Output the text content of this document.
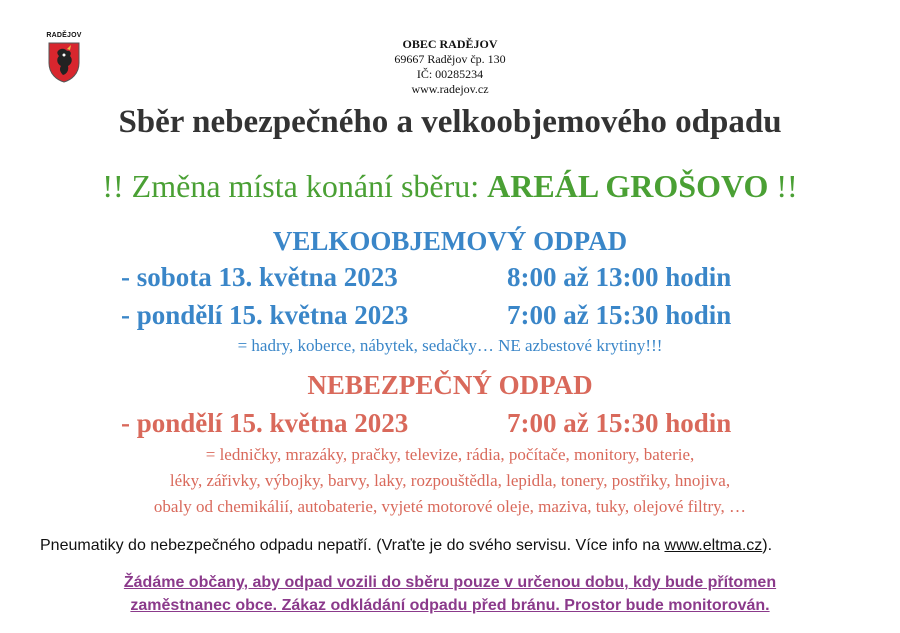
RADĚJOV
OBEC RADĚJOV
69667 Radějov čp. 130
IČ: 00285234
www.radejov.cz
Sběr nebezpečného a velkoobjemového odpadu
!! Změna místa konání sběru: AREÁL GROŠOVO !!
VELKOOBJEMOVÝ ODPAD
- sobota 13. května 2023	8:00 až 13:00 hodin
- pondělí 15. května 2023	7:00 až 15:30 hodin
= hadry, koberce, nábytek, sedačky… NE azbestové krytiny!!!
NEBEZPEČNÝ ODPAD
- pondělí 15. května 2023	7:00 až 15:30 hodin
= ledničky, mrazáky, pračky, televize, rádia, počítače, monitory, baterie,
léky, zářivky, výbojky, barvy, laky, rozpouštědla, lepidla, tonery, postřiky, hnojiva,
obaly od chemikálií, autobaterie, vyjeté motorové oleje, maziva, tuky, olejové filtry, …
Pneumatiky do nebezpečného odpadu nepatří. (Vraťte je do svého servisu. Více info na www.eltma.cz).
Žádáme občany, aby odpad vozili do sběru pouze v určenou dobu, kdy bude přítomen
zaměstnanec obce. Zákaz odkládání odpadu před bránu. Prostor bude monitorován.
